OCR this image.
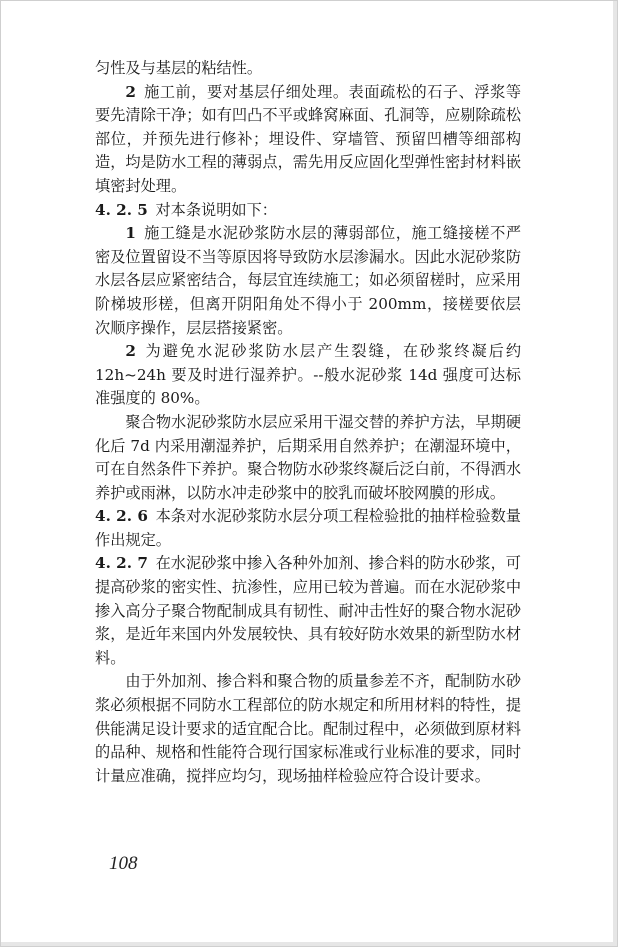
匀性及与基层的粘结性。

2 施工前，要对基层仔细处理。表面疏松的石子、浮浆等要先清除干净；如有凹凸不平或蜂窝麻面、孔洞等，应剔除疏松部位，并预先进行修补；埋设件、穿墙管、预留凹槽等细部构造，均是防水工程的薄弱点，需先用反应固化型弹性密封材料嵌填密封处理。

4. 2. 5 对本条说明如下：

1 施工缝是水泥砂浆防水层的薄弱部位，施工缝接槎不严密及位置留设不当等原因将导致防水层渗漏水。因此水泥砂浆防水层各层应紧密结合，每层宜连续施工；如必须留槎时，应采用阶梯坡形槎，但离开阴阳角处不得小于 200mm，接槎要依层次顺序操作，层层搭接紧密。

2 为避免水泥砂浆防水层产生裂缝，在砂浆终凝后约 12h~24h 要及时进行湿养护。--般水泥砂浆 14d 强度可达标准强度的 80%。

聚合物水泥砂浆防水层应采用干湿交替的养护方法，早期硬化后 7d 内采用潮湿养护，后期采用自然养护；在潮湿环境中，可在自然条件下养护。聚合物防水砂浆终凝后泛白前，不得洒水养护或雨淋，以防水冲走砂浆中的胶乳而破坏胶网膜的形成。

4. 2. 6 本条对水泥砂浆防水层分项工程检验批的抽样检验数量作出规定。

4. 2. 7 在水泥砂浆中掺入各种外加剂、掺合料的防水砂浆，可提高砂浆的密实性、抗渗性，应用已较为普遍。而在水泥砂浆中掺入高分子聚合物配制成具有韧性、耐冲击性好的聚合物水泥砂浆，是近年来国内外发展较快、具有较好防水效果的新型防水材料。

由于外加剂、掺合料和聚合物的质量参差不齐，配制防水砂浆必须根据不同防水工程部位的防水规定和所用材料的特性，提供能满足设计要求的适宜配合比。配制过程中，必须做到原材料的品种、规格和性能符合现行国家标准或行业标准的要求，同时计量应准确，搅拌应均匀，现场抽样检验应符合设计要求。

108
